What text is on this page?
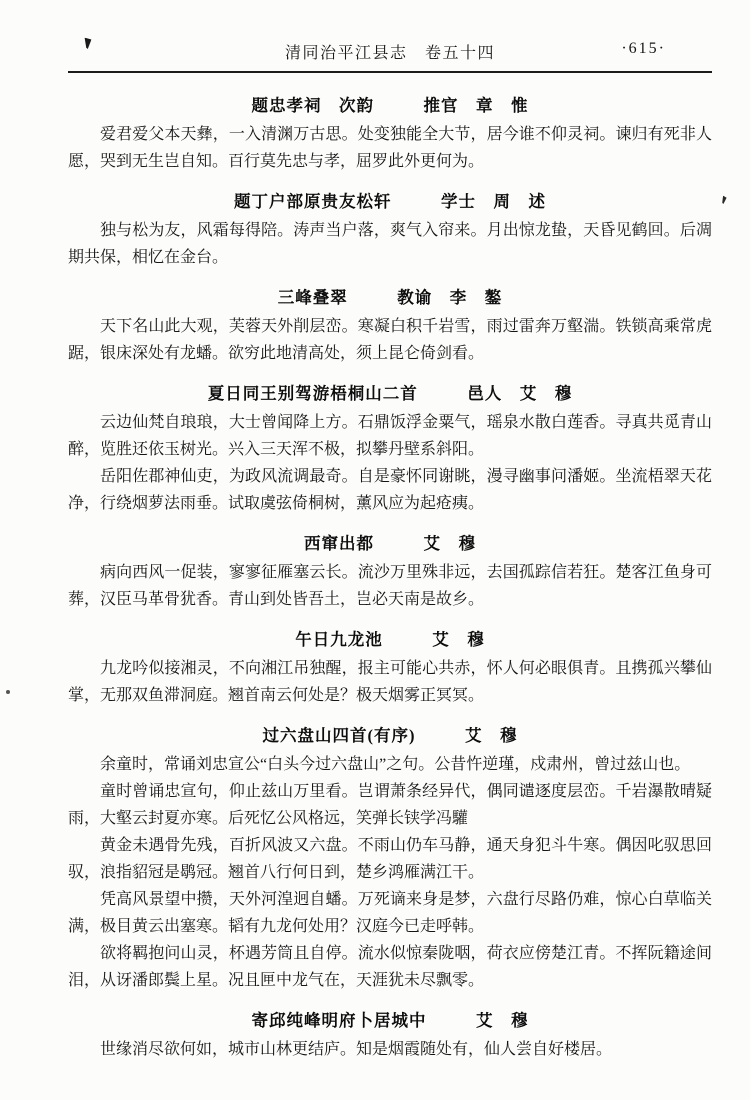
清同治平江县志　卷五十四	·615·
题忠孝祠　次韵	推官　章　惟

爱君爱父本天彝，一入清渊万古思。处变独能全大节，居今谁不仰灵祠。谏归有死非人愿，哭到无生岂自知。百行莫先忠与孝，屈罗此外更何为。

题丁户部原贵友松轩	学士　周　述

独与松为友，风霜每得陪。涛声当户落，爽气入帘来。月出惊龙蛰，天昏见鹤回。后凋期共保，相忆在金台。

三峰叠翠	教谕　李　鏊

天下名山此大观，芙蓉天外削层峦。寒凝白积千岩雪，雨过雷奔万壑湍。铁锁高乘常虎踞，银床深处有龙蟠。欲穷此地清高处，须上昆仑倚剑看。

夏日同王别驾游梧桐山二首	邑人　艾　穆

云边仙梵自琅琅，大士曾闻降上方。石鼎饭浮金粟气，瑶泉水散白莲香。寻真共觅青山醉，览胜还依玉树光。兴入三天浑不极，拟攀丹壁系斜阳。

岳阳佐郡神仙吏，为政风流调最奇。自是豪怀同谢眺，漫寻幽事问潘姬。坐流梧翠天花净，行绕烟萝法雨垂。试取虞弦倚桐树，薰风应为起疮痍。

西窜出都	艾　穆

病向西风一促装，寥寥征雁塞云长。流沙万里殊非远，去国孤踪信若狂。楚客江鱼身可葬，汉臣马革骨犹香。青山到处皆吾土，岂必天南是故乡。

午日九龙池	艾　穆

九龙吟似接湘灵，不向湘江吊独醒，报主可能心共赤，怀人何必眼俱青。且携孤兴攀仙掌，无那双鱼滞洞庭。翘首南云何处是？极天烟雾正冥冥。

过六盘山四首(有序)	艾　穆

余童时，常诵刘忠宣公“白头今过六盘山”之句。公昔忤逆瑾，戍肃州，曾过兹山也。

童时曾诵忠宣句，仰止兹山万里看。岂谓萧条经异代，偶同谴逐度层峦。千岩瀑散晴疑雨，大壑云封夏亦寒。后死忆公风格远，笑弹长铗学冯驩

黄金未遇骨先残，百折风波又六盘。不雨山仍车马静，通天身犯斗牛寒。偶因叱驭思回驭，浪指貂冠是鹖冠。翘首八行何日到，楚乡鸿雁满江干。

凭高风景望中攒，天外河湟迥自蟠。万死谪来身是梦，六盘行尽路仍难，惊心白草临关满，极目黄云出塞寒。韬有九龙何处用？汉庭今已走呼韩。

欲将羁抱问山灵，杯遇芳筒且自停。流水似惊秦陇咽，荷衣应傍楚江青。不挥阮籍途间泪，从讶潘郎鬓上星。况且匣中龙气在，天涯犹未尽飘零。

寄邱纯峰明府卜居城中	艾　穆

世缘消尽欲何如，城市山林更结庐。知是烟霞随处有，仙人尝自好楼居。
